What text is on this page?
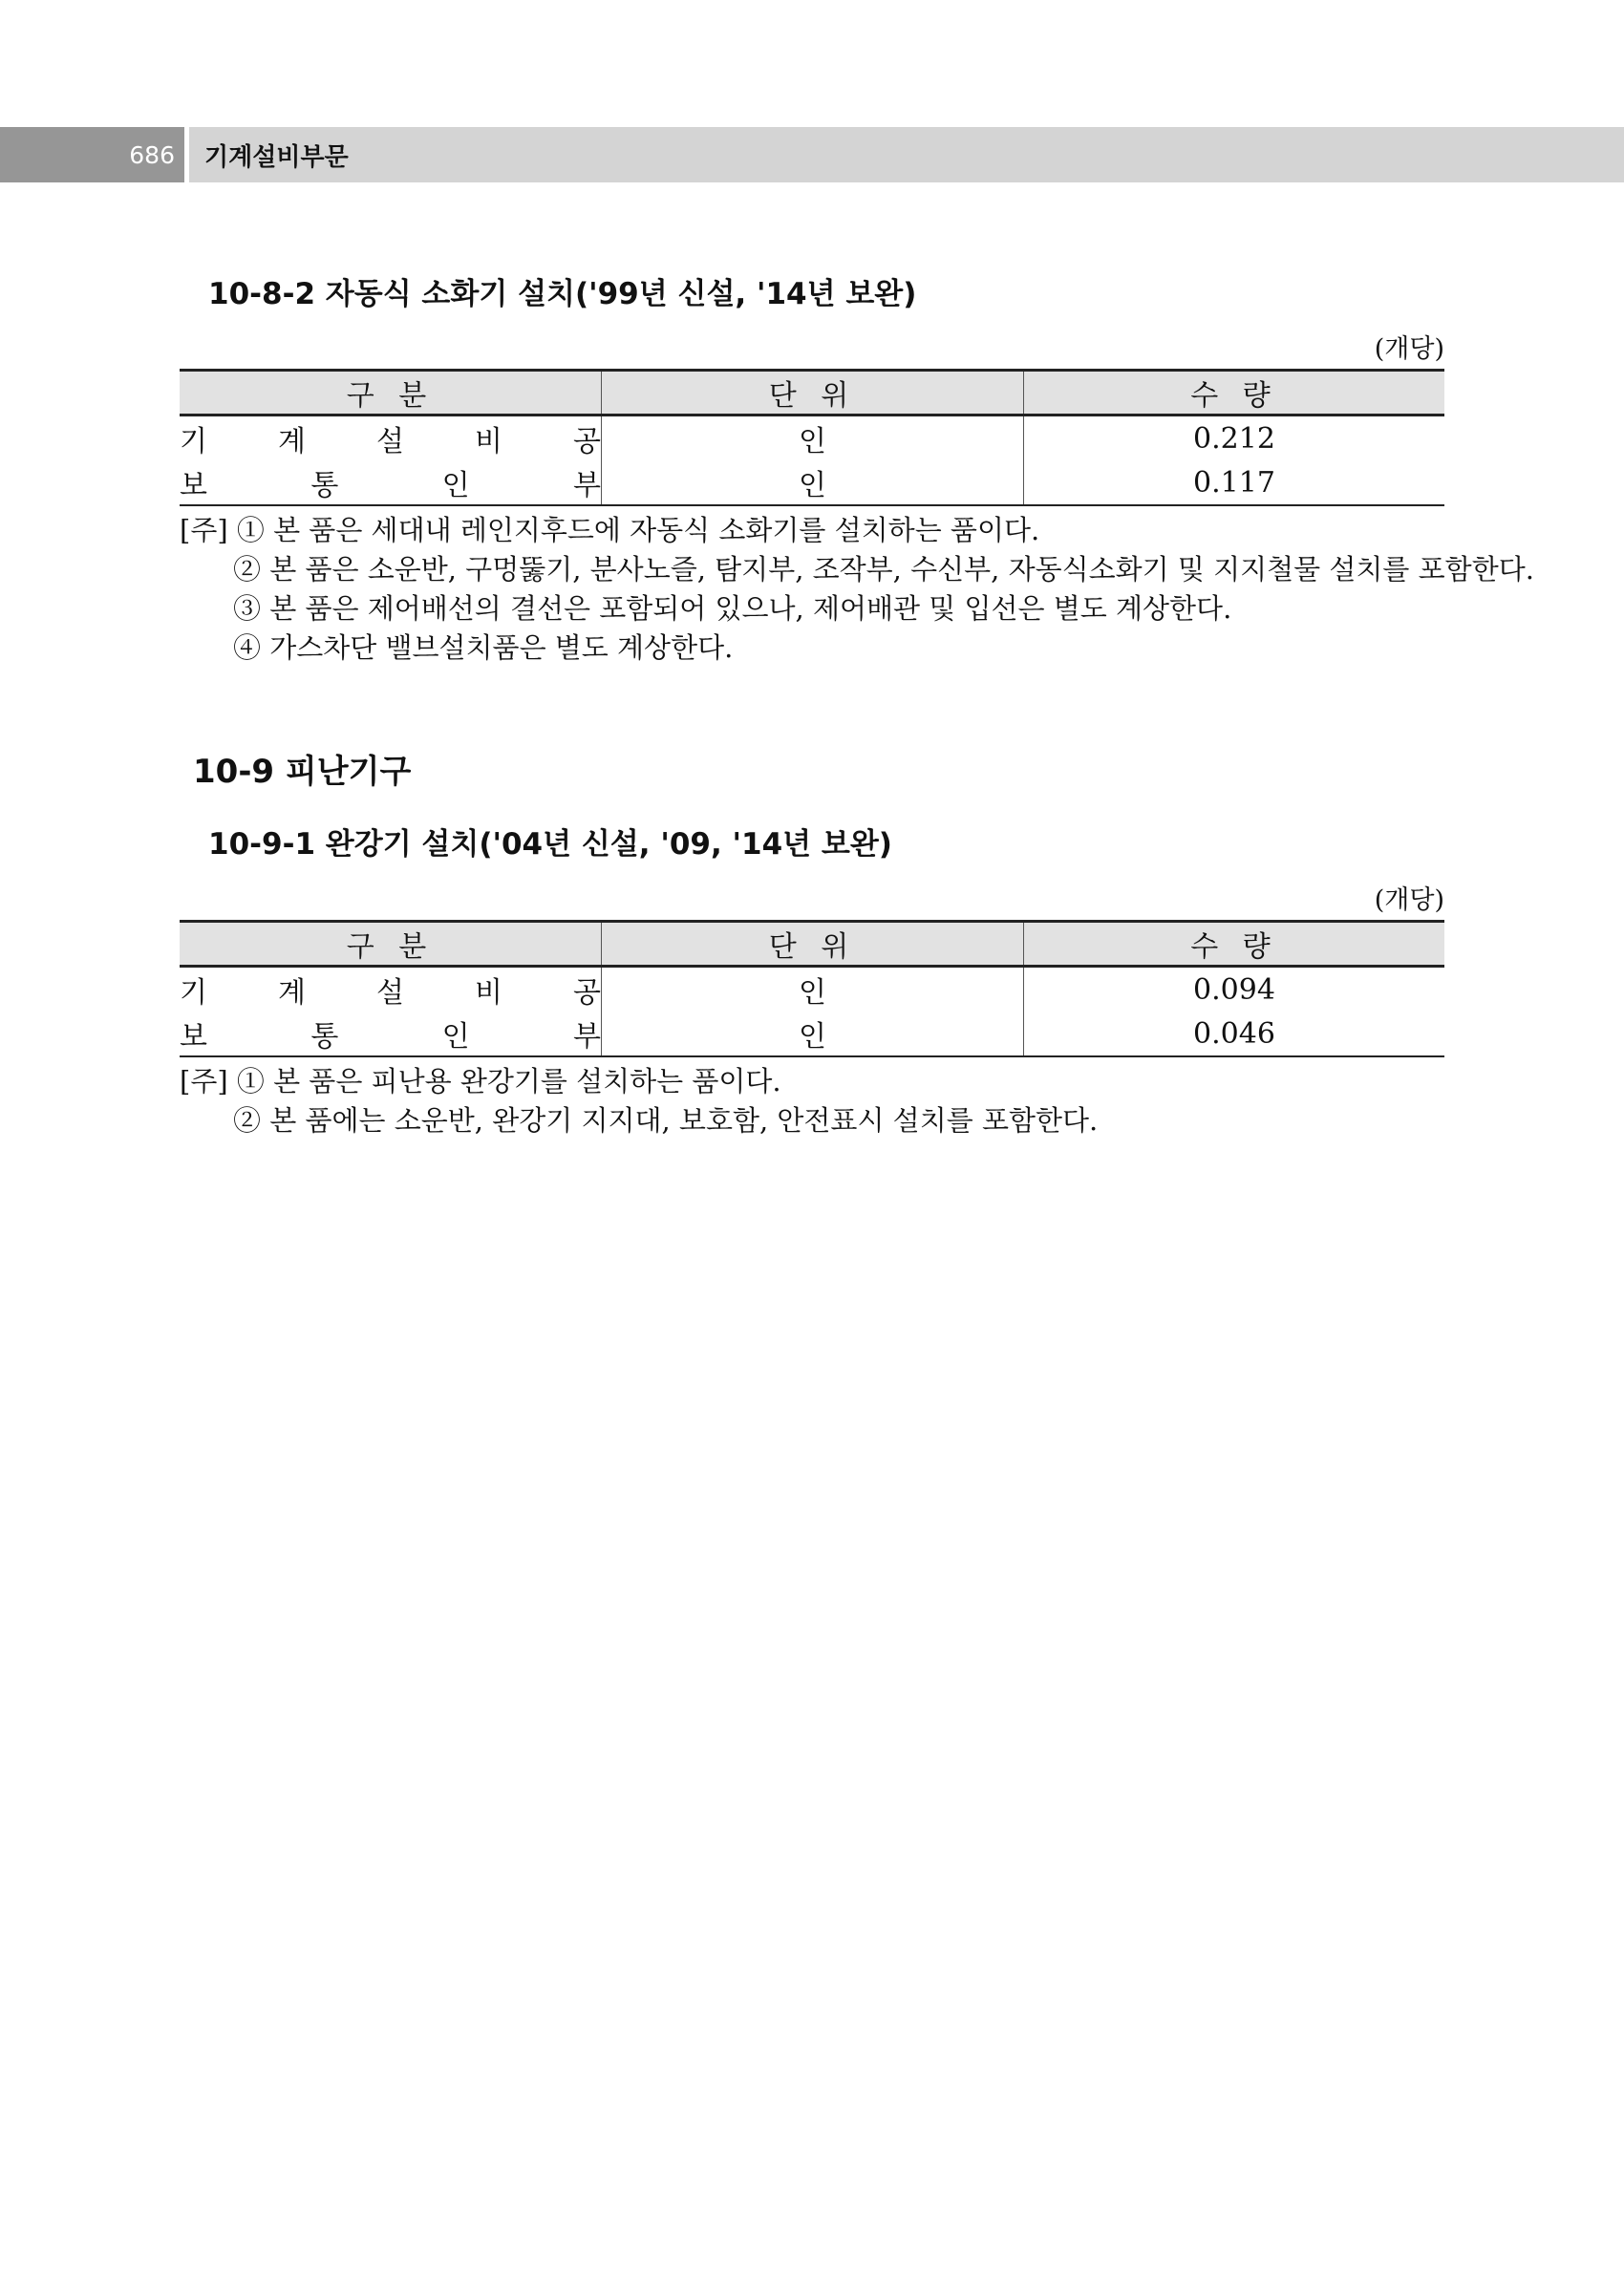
686	기계설비부문
10-8-2 자동식 소화기 설치('99년 신설, '14년 보완)
(개당)
구 분	단 위	수 량

기 계 설 비 공	인	0.212

보 통 인 부	인	0.117
[주] ① 본 품은 세대내 레인지후드에 자동식 소화기를 설치하는 품이다.
② 본 품은 소운반, 구멍뚫기, 분사노즐, 탐지부, 조작부, 수신부, 자동식소화기 및 지지철물 설치를 포함한다.
③ 본 품은 제어배선의 결선은 포함되어 있으나, 제어배관 및 입선은 별도 계상한다.
④ 가스차단 밸브설치품은 별도 계상한다.
10-9 피난기구
10-9-1 완강기 설치('04년 신설, '09, '14년 보완)
(개당)
구 분	단 위	수 량

기 계 설 비 공	인	0.094

보 통 인 부	인	0.046
[주] ① 본 품은 피난용 완강기를 설치하는 품이다.
② 본 품에는 소운반, 완강기 지지대, 보호함, 안전표시 설치를 포함한다.
